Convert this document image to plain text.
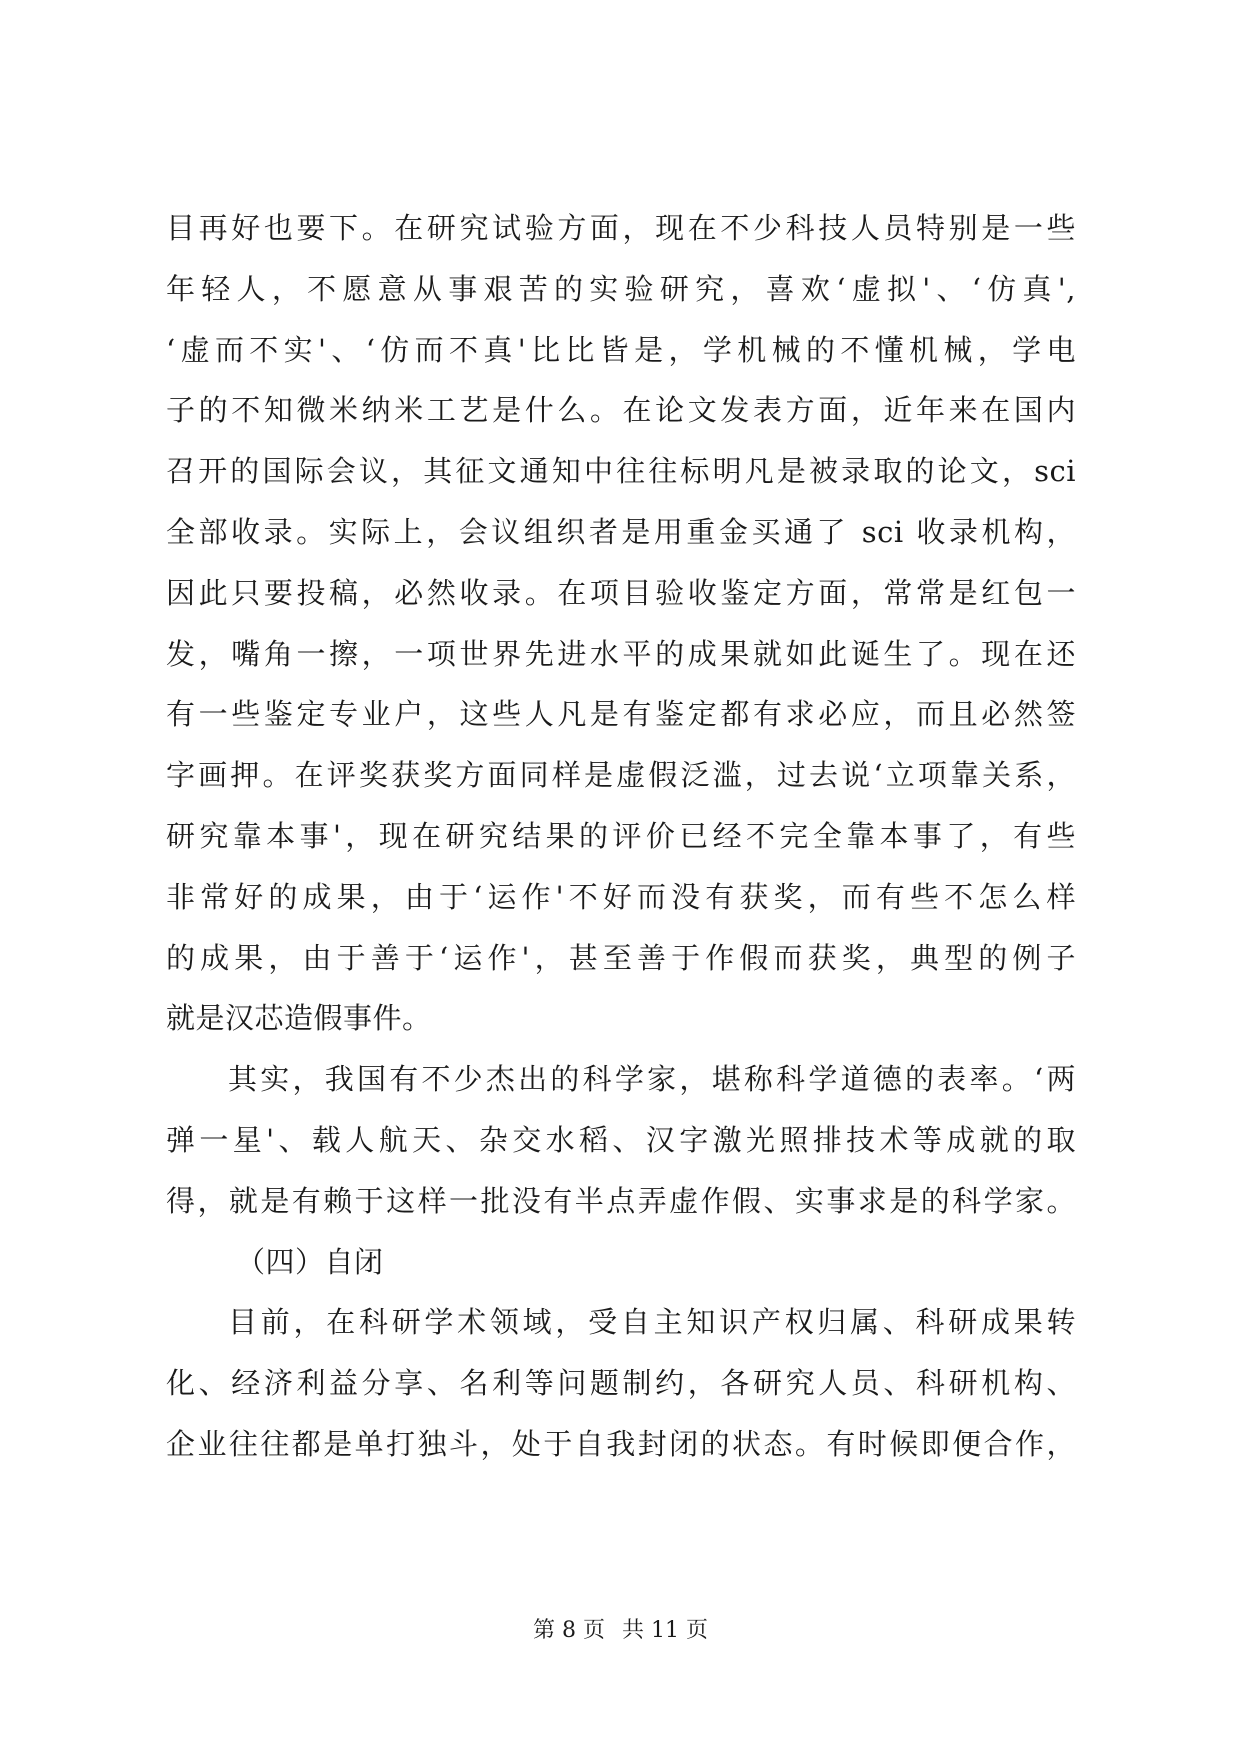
目再好也要下。在研究试验方面，现在不少科技人员特别是一些
年轻人，不愿意从事艰苦的实验研究，喜欢‘虚拟'、‘仿真',
‘虚而不实'、‘仿而不真'比比皆是，学机械的不懂机械，学电
子的不知微米纳米工艺是什么。在论文发表方面，近年来在国内
召开的国际会议，其征文通知中往往标明凡是被录取的论文，sci
全部收录。实际上，会议组织者是用重金买通了 sci 收录机构，
因此只要投稿，必然收录。在项目验收鉴定方面，常常是红包一
发，嘴角一擦，一项世界先进水平的成果就如此诞生了。现在还
有一些鉴定专业户，这些人凡是有鉴定都有求必应，而且必然签
字画押。在评奖获奖方面同样是虚假泛滥，过去说‘立项靠关系，
研究靠本事'，现在研究结果的评价已经不完全靠本事了，有些
非常好的成果，由于‘运作'不好而没有获奖，而有些不怎么样
的成果，由于善于‘运作'，甚至善于作假而获奖，典型的例子
就是汉芯造假事件。
其实，我国有不少杰出的科学家，堪称科学道德的表率。‘两
弹一星'、载人航天、杂交水稻、汉字激光照排技术等成就的取
得，就是有赖于这样一批没有半点弄虚作假、实事求是的科学家。
（四）自闭
目前，在科研学术领域，受自主知识产权归属、科研成果转
化、经济利益分享、名利等问题制约，各研究人员、科研机构、
企业往往都是单打独斗，处于自我封闭的状态。有时候即便合作，
第 8 页 共 11 页
